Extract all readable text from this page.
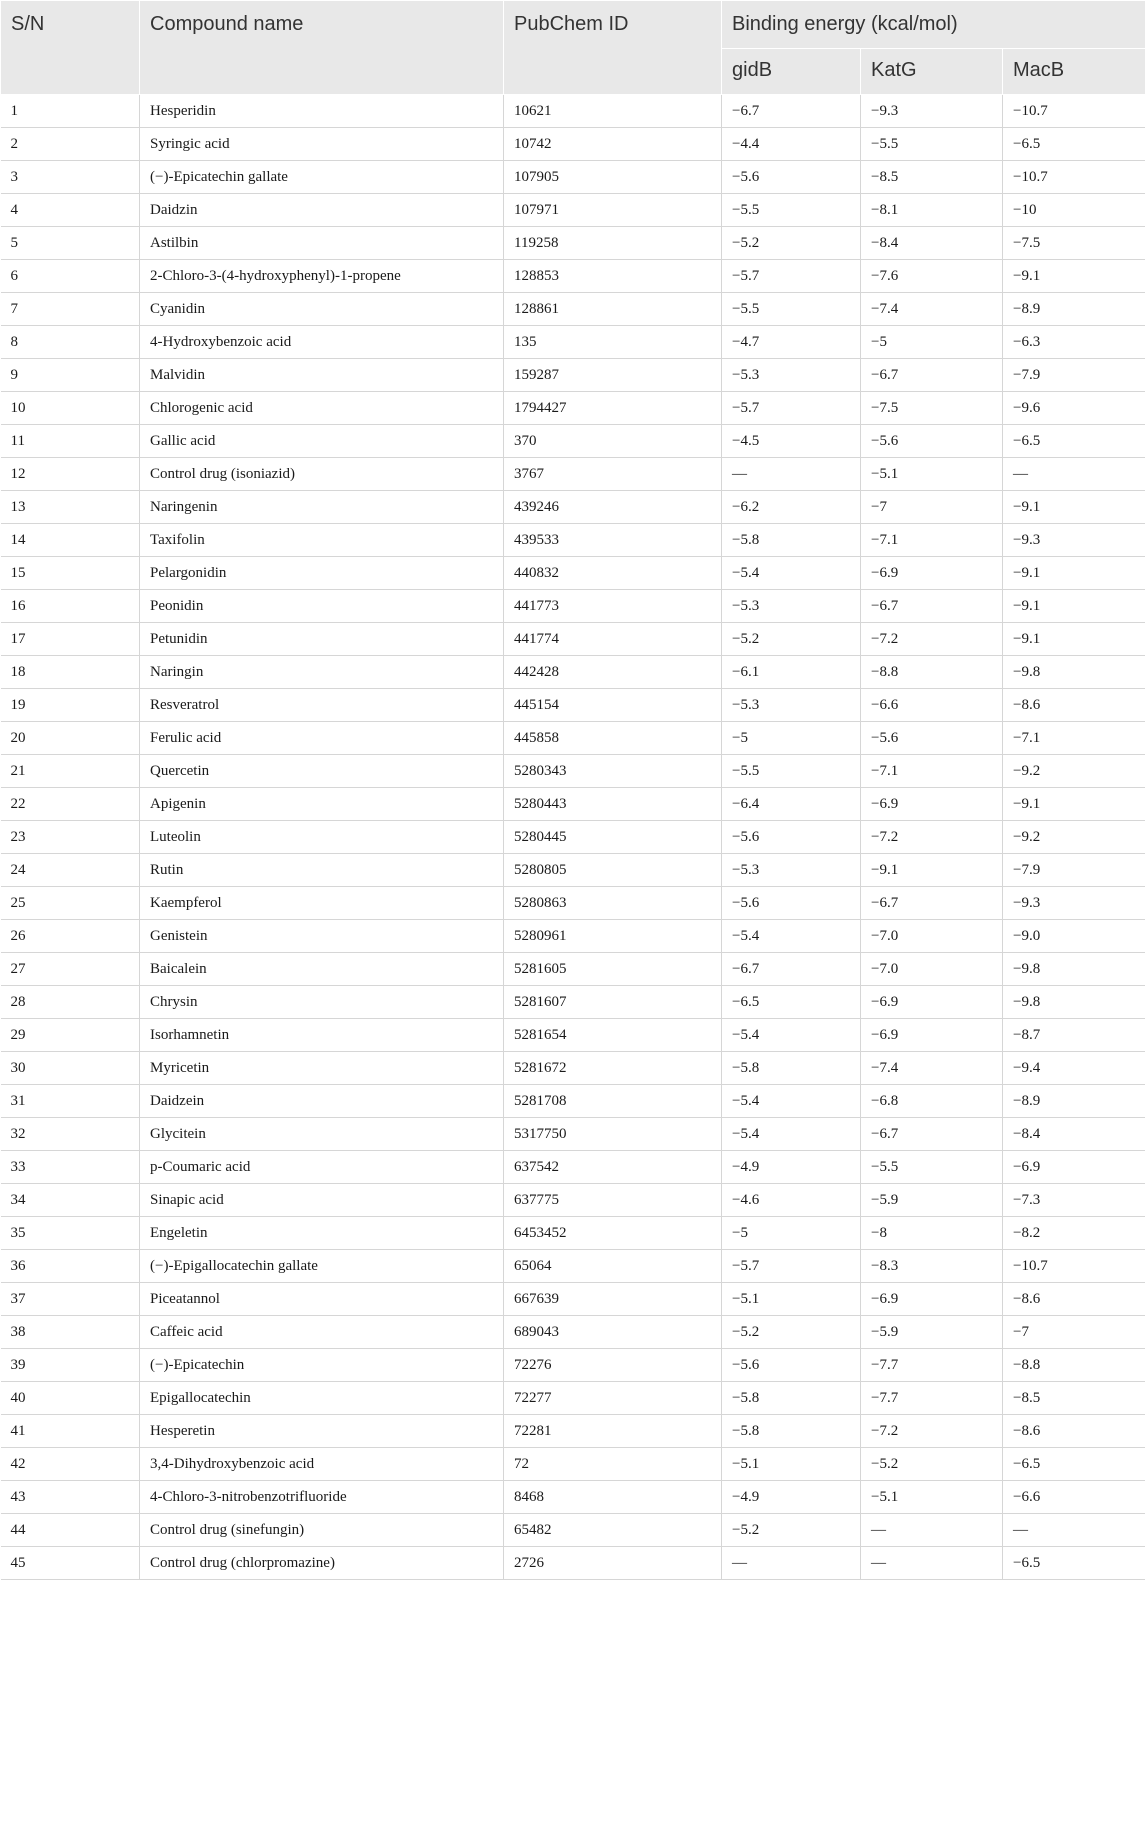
S/N	Compound name	PubChem ID	Binding energy (kcal/mol)		
			gidB	KatG	MacB
1	Hesperidin	10621	−6.7	−9.3	−10.7
2	Syringic acid	10742	−4.4	−5.5	−6.5
3	(−)-Epicatechin gallate	107905	−5.6	−8.5	−10.7
4	Daidzin	107971	−5.5	−8.1	−10
5	Astilbin	119258	−5.2	−8.4	−7.5
6	2-Chloro-3-(4-hydroxyphenyl)-1-propene	128853	−5.7	−7.6	−9.1
7	Cyanidin	128861	−5.5	−7.4	−8.9
8	4-Hydroxybenzoic acid	135	−4.7	−5	−6.3
9	Malvidin	159287	−5.3	−6.7	−7.9
10	Chlorogenic acid	1794427	−5.7	−7.5	−9.6
11	Gallic acid	370	−4.5	−5.6	−6.5
12	Control drug (isoniazid)	3767	—	−5.1	—
13	Naringenin	439246	−6.2	−7	−9.1
14	Taxifolin	439533	−5.8	−7.1	−9.3
15	Pelargonidin	440832	−5.4	−6.9	−9.1
16	Peonidin	441773	−5.3	−6.7	−9.1
17	Petunidin	441774	−5.2	−7.2	−9.1
18	Naringin	442428	−6.1	−8.8	−9.8
19	Resveratrol	445154	−5.3	−6.6	−8.6
20	Ferulic acid	445858	−5	−5.6	−7.1
21	Quercetin	5280343	−5.5	−7.1	−9.2
22	Apigenin	5280443	−6.4	−6.9	−9.1
23	Luteolin	5280445	−5.6	−7.2	−9.2
24	Rutin	5280805	−5.3	−9.1	−7.9
25	Kaempferol	5280863	−5.6	−6.7	−9.3
26	Genistein	5280961	−5.4	−7.0	−9.0
27	Baicalein	5281605	−6.7	−7.0	−9.8
28	Chrysin	5281607	−6.5	−6.9	−9.8
29	Isorhamnetin	5281654	−5.4	−6.9	−8.7
30	Myricetin	5281672	−5.8	−7.4	−9.4
31	Daidzein	5281708	−5.4	−6.8	−8.9
32	Glycitein	5317750	−5.4	−6.7	−8.4
33	p-Coumaric acid	637542	−4.9	−5.5	−6.9
34	Sinapic acid	637775	−4.6	−5.9	−7.3
35	Engeletin	6453452	−5	−8	−8.2
36	(−)-Epigallocatechin gallate	65064	−5.7	−8.3	−10.7
37	Piceatannol	667639	−5.1	−6.9	−8.6
38	Caffeic acid	689043	−5.2	−5.9	−7
39	(−)-Epicatechin	72276	−5.6	−7.7	−8.8
40	Epigallocatechin	72277	−5.8	−7.7	−8.5
41	Hesperetin	72281	−5.8	−7.2	−8.6
42	3,4-Dihydroxybenzoic acid	72	−5.1	−5.2	−6.5
43	4-Chloro-3-nitrobenzotrifluoride	8468	−4.9	−5.1	−6.6
44	Control drug (sinefungin)	65482	−5.2	—	—
45	Control drug (chlorpromazine)	2726	—	—	−6.5
